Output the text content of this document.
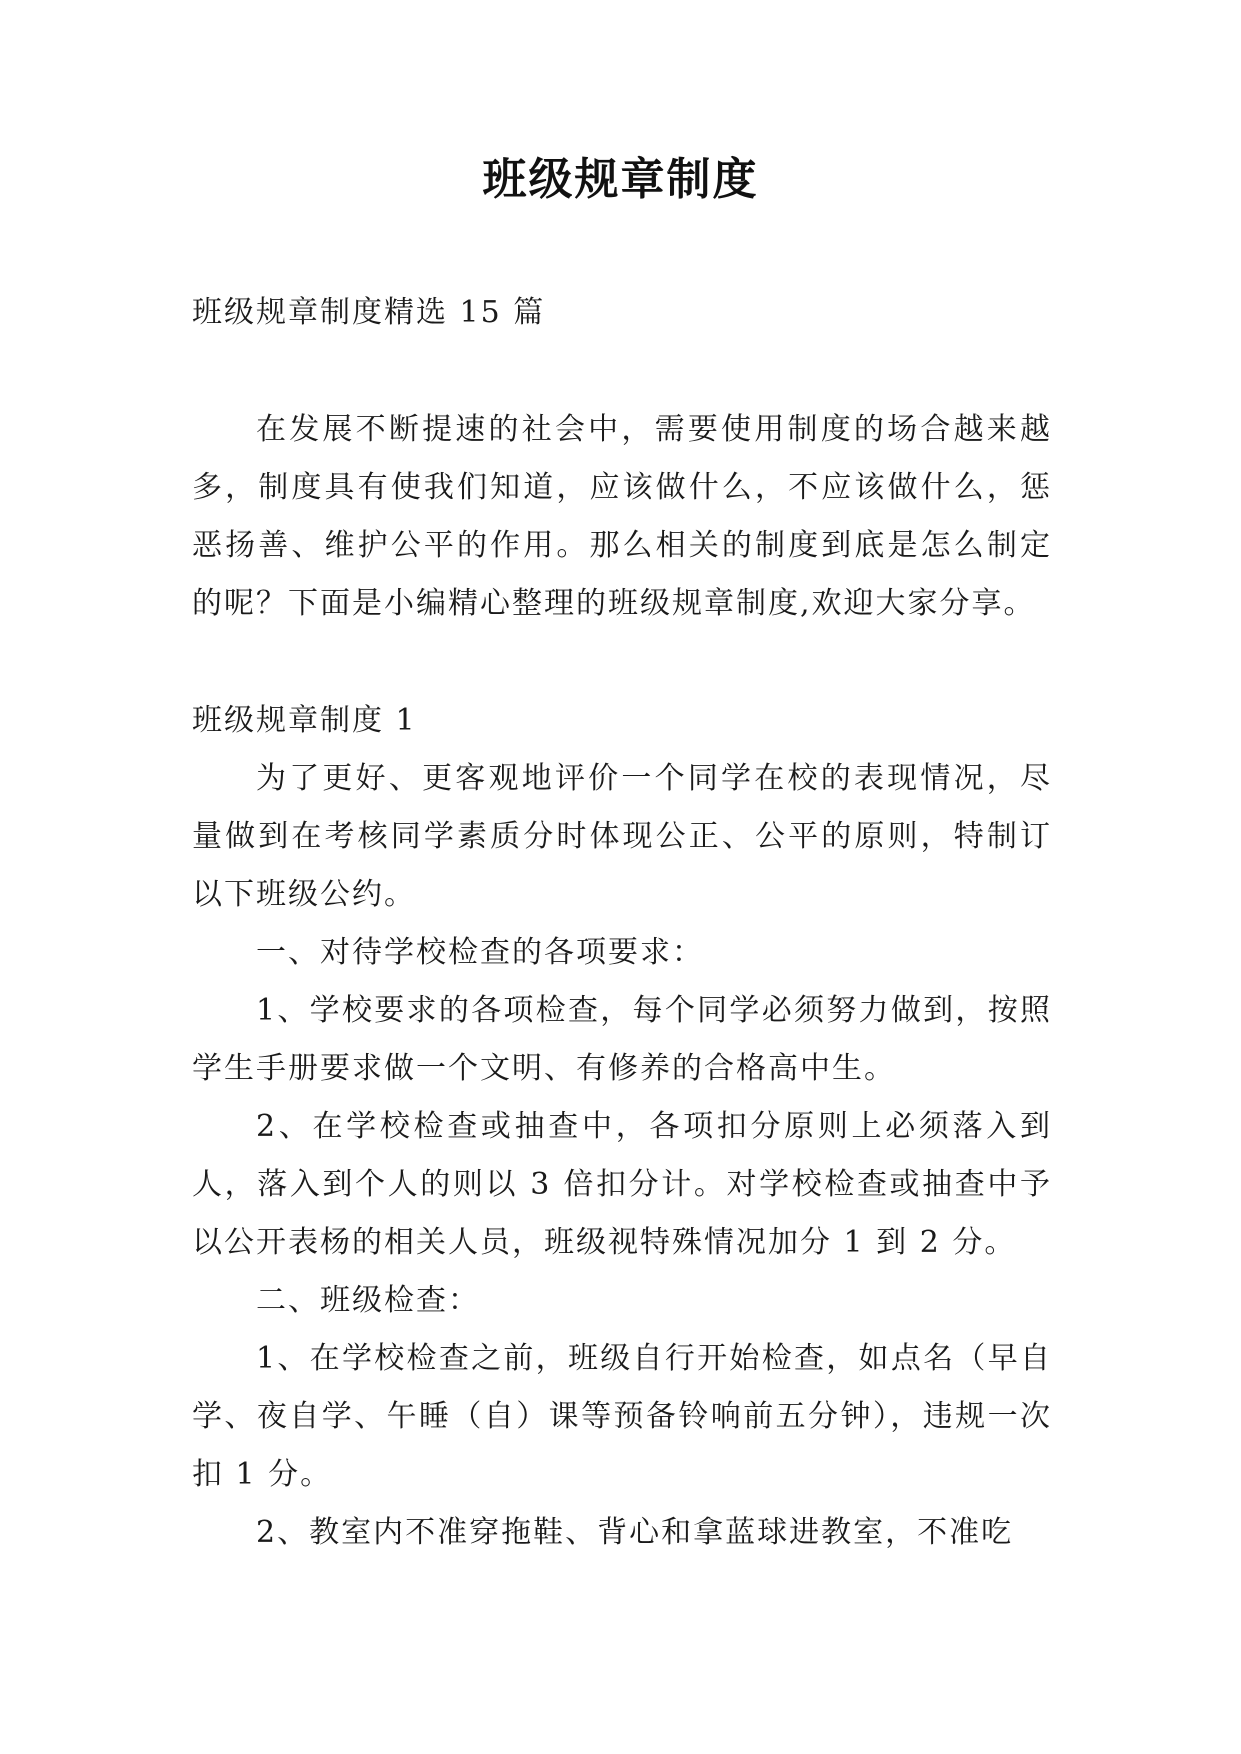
班级规章制度

班级规章制度精选 15 篇

在发展不断提速的社会中，需要使用制度的场合越来越多，制度具有使我们知道，应该做什么，不应该做什么，惩恶扬善、维护公平的作用。那么相关的制度到底是怎么制定的呢？下面是小编精心整理的班级规章制度,欢迎大家分享。

班级规章制度 1

为了更好、更客观地评价一个同学在校的表现情况，尽量做到在考核同学素质分时体现公正、公平的原则，特制订以下班级公约。

一、对待学校检查的各项要求：

1、学校要求的各项检查，每个同学必须努力做到，按照学生手册要求做一个文明、有修养的合格高中生。

2、在学校检查或抽查中，各项扣分原则上必须落入到人，落入到个人的则以 3 倍扣分计。对学校检查或抽查中予以公开表杨的相关人员，班级视特殊情况加分 1 到 2 分。

二、班级检查：

1、在学校检查之前，班级自行开始检查，如点名（早自学、夜自学、午睡（自）课等预备铃响前五分钟），违规一次扣 1 分。

2、教室内不准穿拖鞋、背心和拿蓝球进教室，不准吃
